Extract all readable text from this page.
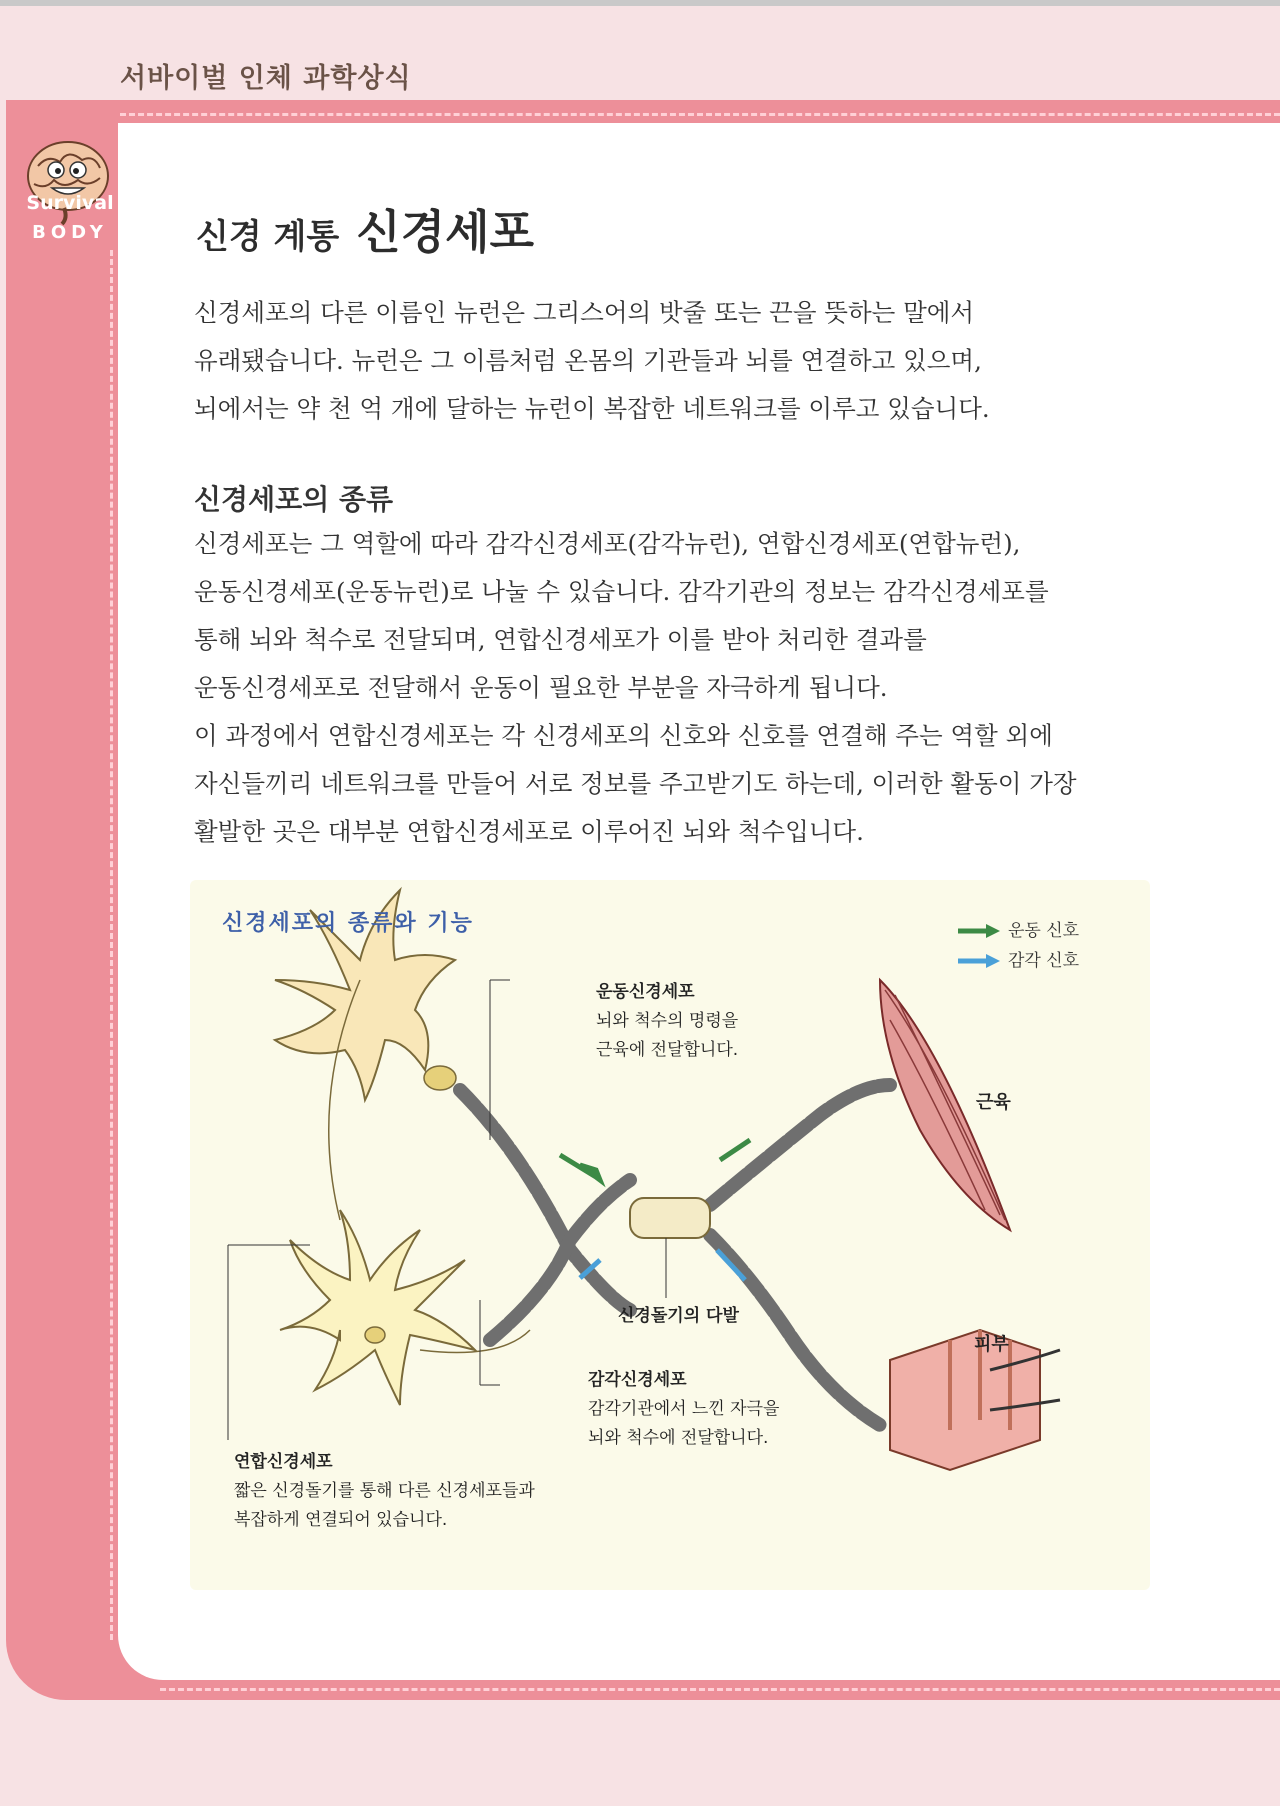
서바이벌 인체 과학상식
Survival
BODY	신경 계통 신경세포
신경세포의 다른 이름인 뉴런은 그리스어의 밧줄 또는 끈을 뜻하는 말에서
유래됐습니다. 뉴런은 그 이름처럼 온몸의 기관들과 뇌를 연결하고 있으며,
뇌에서는 약 천 억 개에 달하는 뉴런이 복잡한 네트워크를 이루고 있습니다.
신경세포의 종류
신경세포는 그 역할에 따라 감각신경세포(감각뉴런), 연합신경세포(연합뉴런),
운동신경세포(운동뉴런)로 나눌 수 있습니다. 감각기관의 정보는 감각신경세포를
통해 뇌와 척수로 전달되며, 연합신경세포가 이를 받아 처리한 결과를
운동신경세포로 전달해서 운동이 필요한 부분을 자극하게 됩니다.
이 과정에서 연합신경세포는 각 신경세포의 신호와 신호를 연결해 주는 역할 외에
자신들끼리 네트워크를 만들어 서로 정보를 주고받기도 하는데, 이러한 활동이 가장
활발한 곳은 대부분 연합신경세포로 이루어진 뇌와 척수입니다.
신경세포의 종류와 기능	운동 신호
감각 신호
운동신경세포
뇌와 척수의 명령을
근육에 전달합니다.
근육
신경돌기의 다발
피부
감각신경세포
감각기관에서 느낀 자극을
뇌와 척수에 전달합니다.
연합신경세포
짧은 신경돌기를 통해 다른 신경세포들과
복잡하게 연결되어 있습니다.
